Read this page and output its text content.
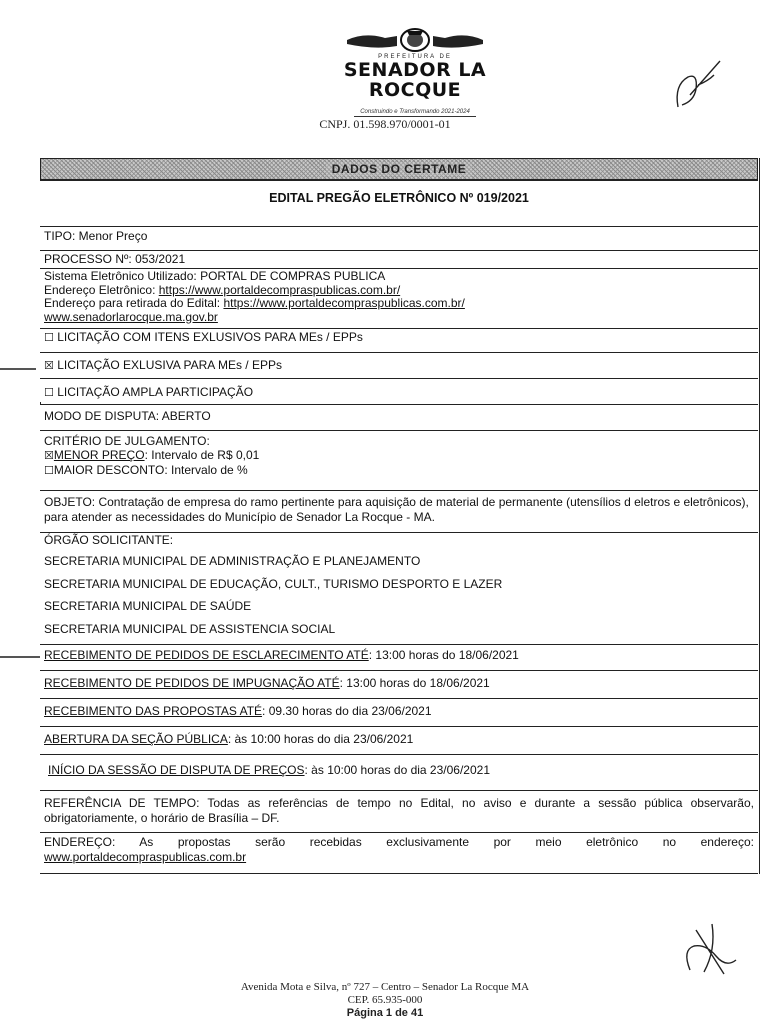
PREFEITURA DE
SENADOR LA ROCQUE
Construindo e Transformando 2021-2024
CNPJ. 01.598.970/0001-01
DADOS DO CERTAME
EDITAL PREGÃO ELETRÔNICO Nº 019/2021
TIPO: Menor Preço
PROCESSO Nº: 053/2021
Sistema Eletrônico Utilizado: PORTAL DE COMPRAS PUBLICA
Endereço Eletrônico: https://www.portaldecompraspublicas.com.br/
Endereço para retirada do Edital: https://www.portaldecompraspublicas.com.br/
www.senadorlarocque.ma.gov.br
☐ LICITAÇÃO COM ITENS EXLUSIVOS PARA MEs / EPPs
☒ LICITAÇÃO EXLUSIVA PARA MEs / EPPs
☐ LICITAÇÃO AMPLA PARTICIPAÇÃO
MODO DE DISPUTA: ABERTO
CRITÉRIO DE JULGAMENTO:
☒MENOR PREÇO: Intervalo de R$ 0,01
☐MAIOR DESCONTO: Intervalo de %
OBJETO: Contratação de empresa do ramo pertinente para aquisição de material de permanente (utensílios d eletros e eletrônicos), para atender as necessidades do Município de Senador La Rocque - MA.
ÓRGÃO SOLICITANTE:
SECRETARIA MUNICIPAL DE ADMINISTRAÇÃO E PLANEJAMENTO
SECRETARIA MUNICIPAL DE EDUCAÇÃO, CULT., TURISMO DESPORTO E LAZER
SECRETARIA MUNICIPAL DE SAÚDE
SECRETARIA MUNICIPAL DE ASSISTENCIA SOCIAL
RECEBIMENTO DE PEDIDOS DE ESCLARECIMENTO ATÉ: 13:00 horas do 18/06/2021
RECEBIMENTO DE PEDIDOS DE IMPUGNAÇÃO ATÉ: 13:00 horas do 18/06/2021
RECEBIMENTO DAS PROPOSTAS ATÉ: 09.30 horas do dia 23/06/2021
ABERTURA DA SEÇÃO PÚBLICA: às 10:00 horas do dia 23/06/2021
INÍCIO DA SESSÃO DE DISPUTA DE PREÇOS: às 10:00 horas do dia 23/06/2021
REFERÊNCIA DE TEMPO: Todas as referências de tempo no Edital, no aviso e durante a sessão pública observarão, obrigatoriamente, o horário de Brasília – DF.
ENDEREÇO: As propostas serão recebidas exclusivamente por meio eletrônico no endereço:
www.portaldecompraspublicas.com.br
Avenida Mota e Silva, nº 727 – Centro – Senador La Rocque MA
CEP. 65.935-000
Página 1 de 41
